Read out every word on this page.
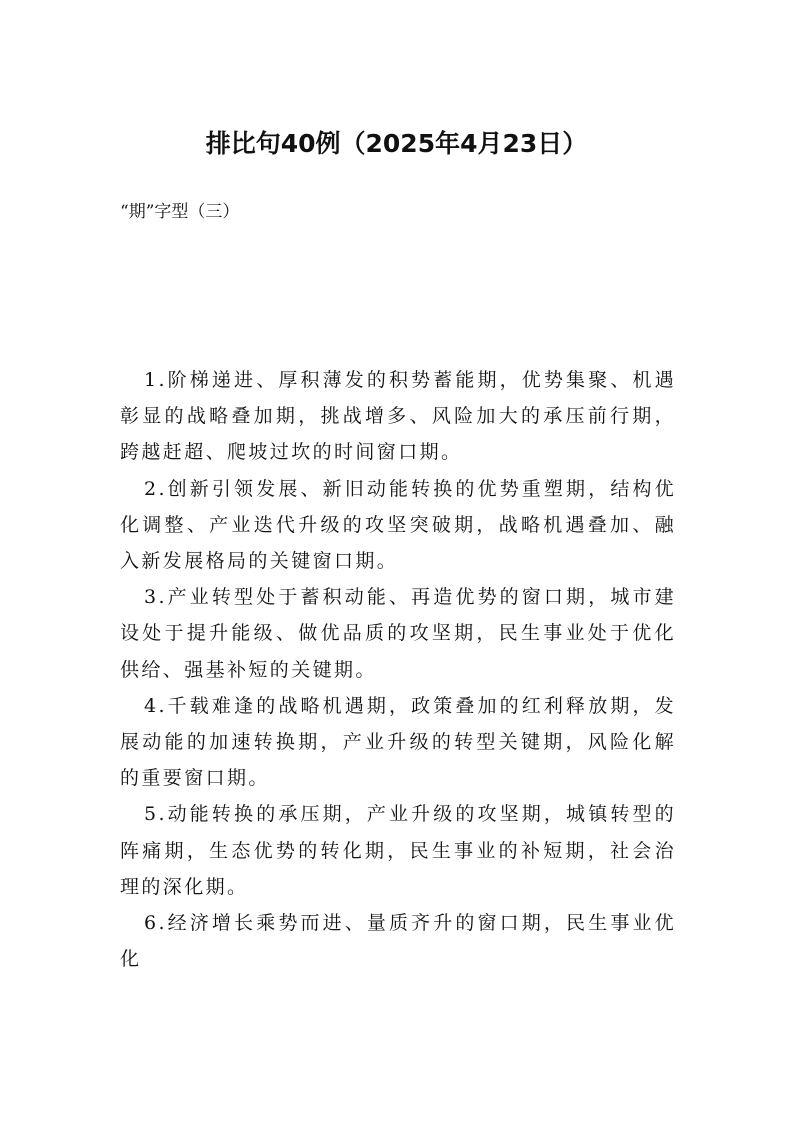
排比句40例（2025年4月23日）

“期”字型（三）

1.阶梯递进、厚积薄发的积势蓄能期，优势集聚、机遇彰显的战略叠加期，挑战增多、风险加大的承压前行期，跨越赶超、爬坡过坎的时间窗口期。

2.创新引领发展、新旧动能转换的优势重塑期，结构优化调整、产业迭代升级的攻坚突破期，战略机遇叠加、融入新发展格局的关键窗口期。

3.产业转型处于蓄积动能、再造优势的窗口期，城市建设处于提升能级、做优品质的攻坚期，民生事业处于优化供给、强基补短的关键期。

4.千载难逢的战略机遇期，政策叠加的红利释放期，发展动能的加速转换期，产业升级的转型关键期，风险化解的重要窗口期。

5.动能转换的承压期，产业升级的攻坚期，城镇转型的阵痛期，生态优势的转化期，民生事业的补短期，社会治理的深化期。

6.经济增长乘势而进、量质齐升的窗口期，民生事业优化
